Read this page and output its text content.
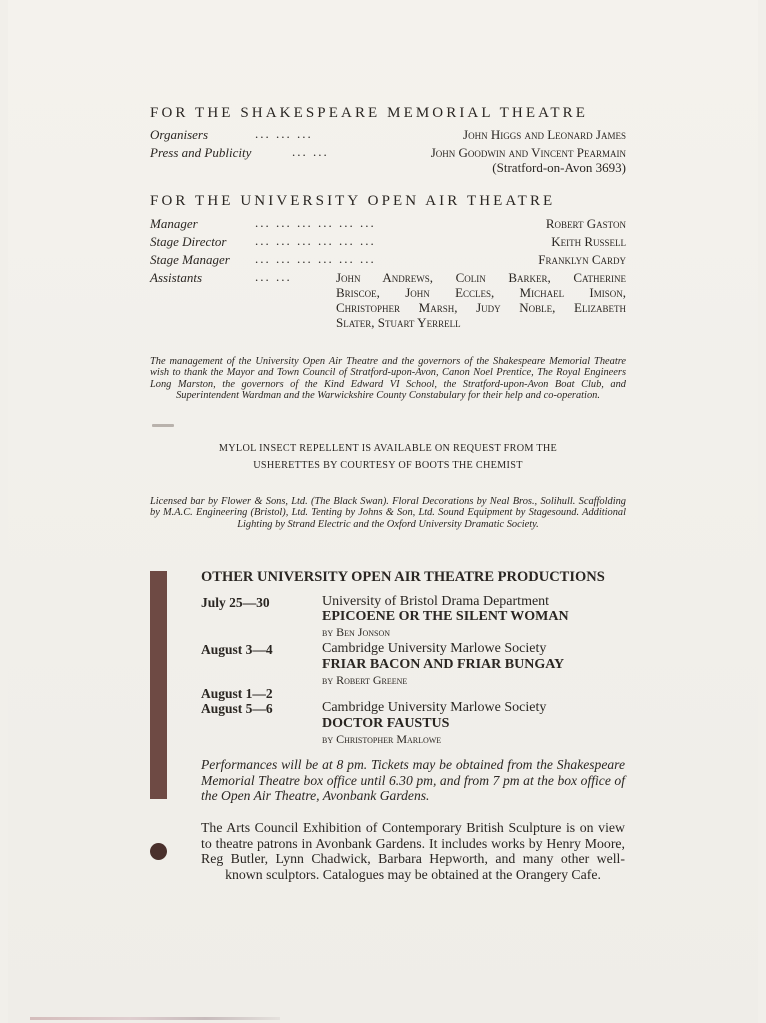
FOR THE SHAKESPEARE MEMORIAL THEATRE
Organisers	... ... ...	John Higgs and Leonard James
Press and Publicity	... ...	John Goodwin and Vincent Pearmain
(Stratford-on-Avon 3693)
FOR THE UNIVERSITY OPEN AIR THEATRE
Manager	... ... ... ... ... ...	Robert Gaston
Stage Director ... ... ... ... ... ...	Keith Russell
Stage Manager ... ... ... ... ... ...	Franklyn Cardy
Assistants	... ...	John Andrews, Colin Barker, Catherine
Briscoe, John Eccles, Michael Imison,
Christopher Marsh, Judy Noble, Elizabeth
Slater, Stuart Yerrell
The management of the University Open Air Theatre and the governors of the Shakespeare Memorial Theatre wish to thank the Mayor and Town Council of Stratford-upon-Avon, Canon Noel Prentice, The Royal Engineers Long Marston, the governors of the Kind Edward VI School, the Stratford-upon-Avon Boat Club, and Superintendent Wardman and the Warwickshire County Constabulary for their help and co-operation.
MYLOL INSECT REPELLENT IS AVAILABLE ON REQUEST FROM THE
USHERETTES BY COURTESY OF BOOTS THE CHEMIST
Licensed bar by Flower & Sons, Ltd. (The Black Swan). Floral Decorations by Neal Bros., Solihull. Scaffolding by M.A.C. Engineering (Bristol), Ltd. Tenting by Johns & Son, Ltd. Sound Equipment by Stagesound. Additional Lighting by Strand Electric and the Oxford University Dramatic Society.
OTHER UNIVERSITY OPEN AIR THEATRE PRODUCTIONS
July 25—30	University of Bristol Drama Department
EPICOENE OR THE SILENT WOMAN
by Ben Jonson
August 3—4	Cambridge University Marlowe Society
FRIAR BACON AND FRIAR BUNGAY
by Robert Greene
August 1—2
August 5—6	Cambridge University Marlowe Society
DOCTOR FAUSTUS
by Christopher Marlowe
Performances will be at 8 pm. Tickets may be obtained from the Shakespeare Memorial Theatre box office until 6.30 pm, and from 7 pm at the box office of the Open Air Theatre, Avonbank Gardens.
The Arts Council Exhibition of Contemporary British Sculpture is on view to theatre patrons in Avonbank Gardens. It includes works by Henry Moore, Reg Butler, Lynn Chadwick, Barbara Hepworth, and many other well-known sculptors. Catalogues may be obtained at the Orangery Cafe.
